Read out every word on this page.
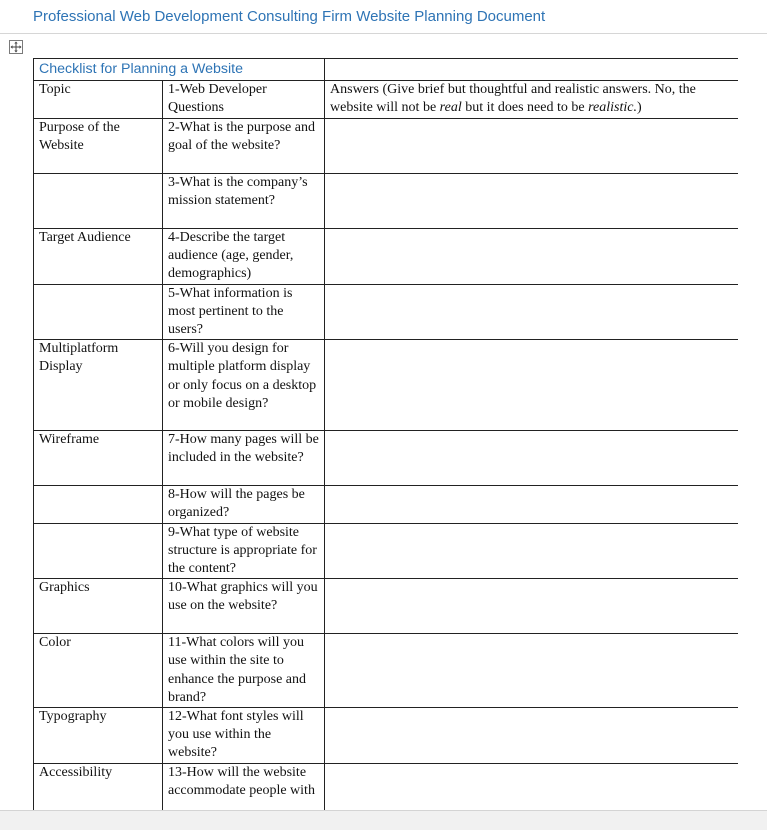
Professional Web Development Consulting Firm Website Planning Document
Checklist for Planning a Website		
Topic	1-Web Developer Questions	Answers (Give brief but thoughtful and realistic answers. No, the website will not be real but it does need to be realistic.)
Purpose of the Website	2-What is the purpose and goal of the website?	
	3-What is the company’s mission statement?	
Target Audience	4-Describe the target audience (age, gender, demographics)	
	5-What information is most pertinent to the users?	
Multiplatform Display	6-Will you design for multiple platform display or only focus on a desktop or mobile design?	
Wireframe	7-How many pages will be included in the website?	
	8-How will the pages be organized?	
	9-What type of website structure is appropriate for the content?	
Graphics	10-What graphics will you use on the website?	
Color	11-What colors will you use within the site to enhance the purpose and brand?	
Typography	12-What font styles will you use within the website?	
Accessibility	13-How will the website accommodate people with	
